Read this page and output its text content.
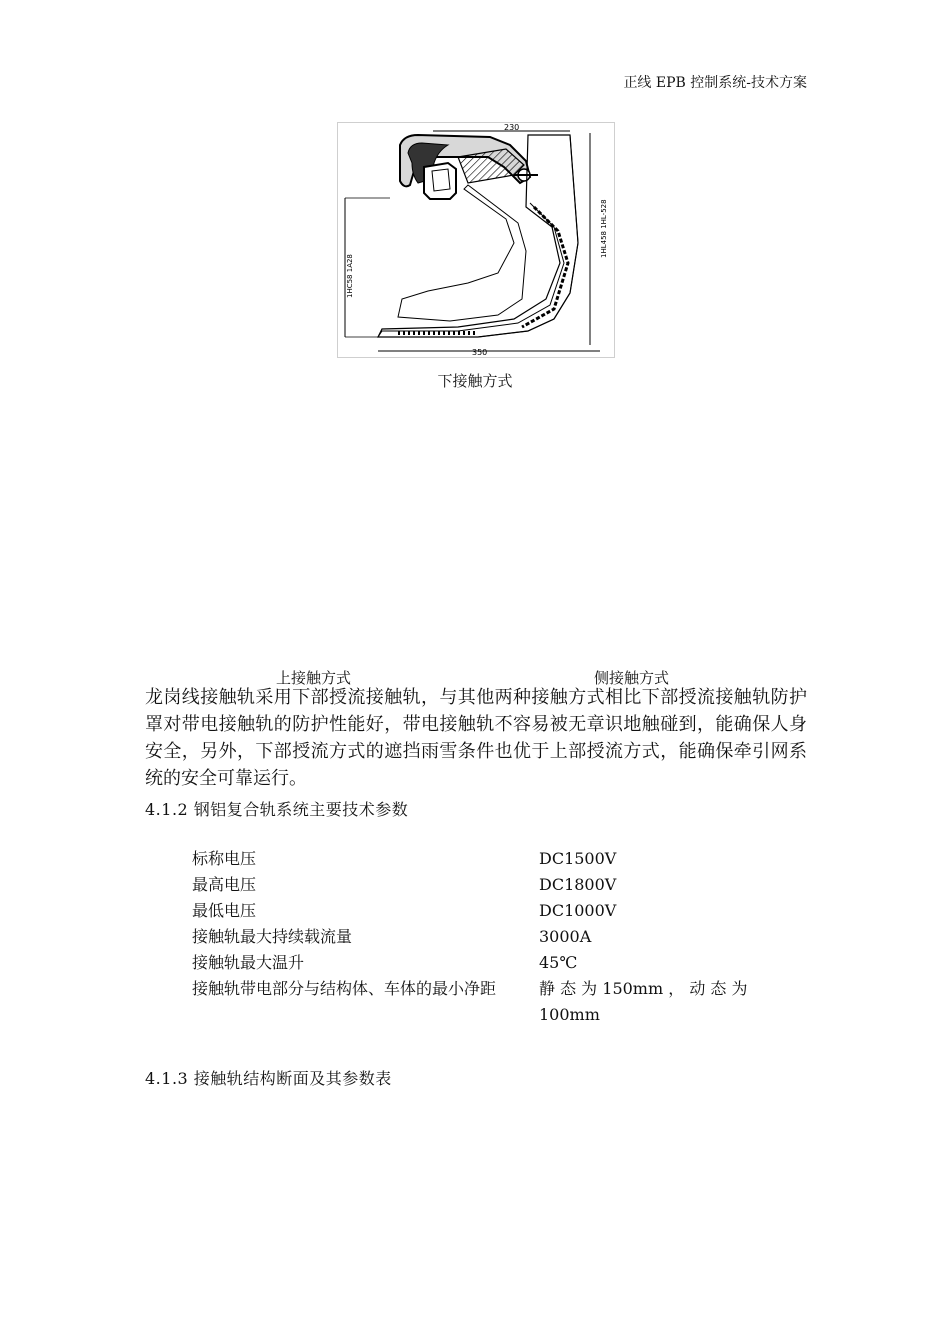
正线 EPB 控制系统-技术方案
230
350
1HC58 1A28
1HL458 1HL-528
下接触方式
上接触方式	侧接触方式

龙岗线接触轨采用下部授流接触轨，与其他两种接触方式相比下部授流接触轨防护罩对带电接触轨的防护性能好，带电接触轨不容易被无章识地触碰到，能确保人身安全，另外，下部授流方式的遮挡雨雪条件也优于上部授流方式，能确保牵引网系统的安全可靠运行。

4.1.2 钢铝复合轨系统主要技术参数
标称电压	DC1500V
最高电压	DC1800V
最低电压	DC1000V
接触轨最大持续载流量	3000A
接触轨最大温升	45℃
接触轨带电部分与结构体、车体的最小净距	静 态 为 150mm ， 动 态 为 100mm
4.1.3 接触轨结构断面及其参数表
